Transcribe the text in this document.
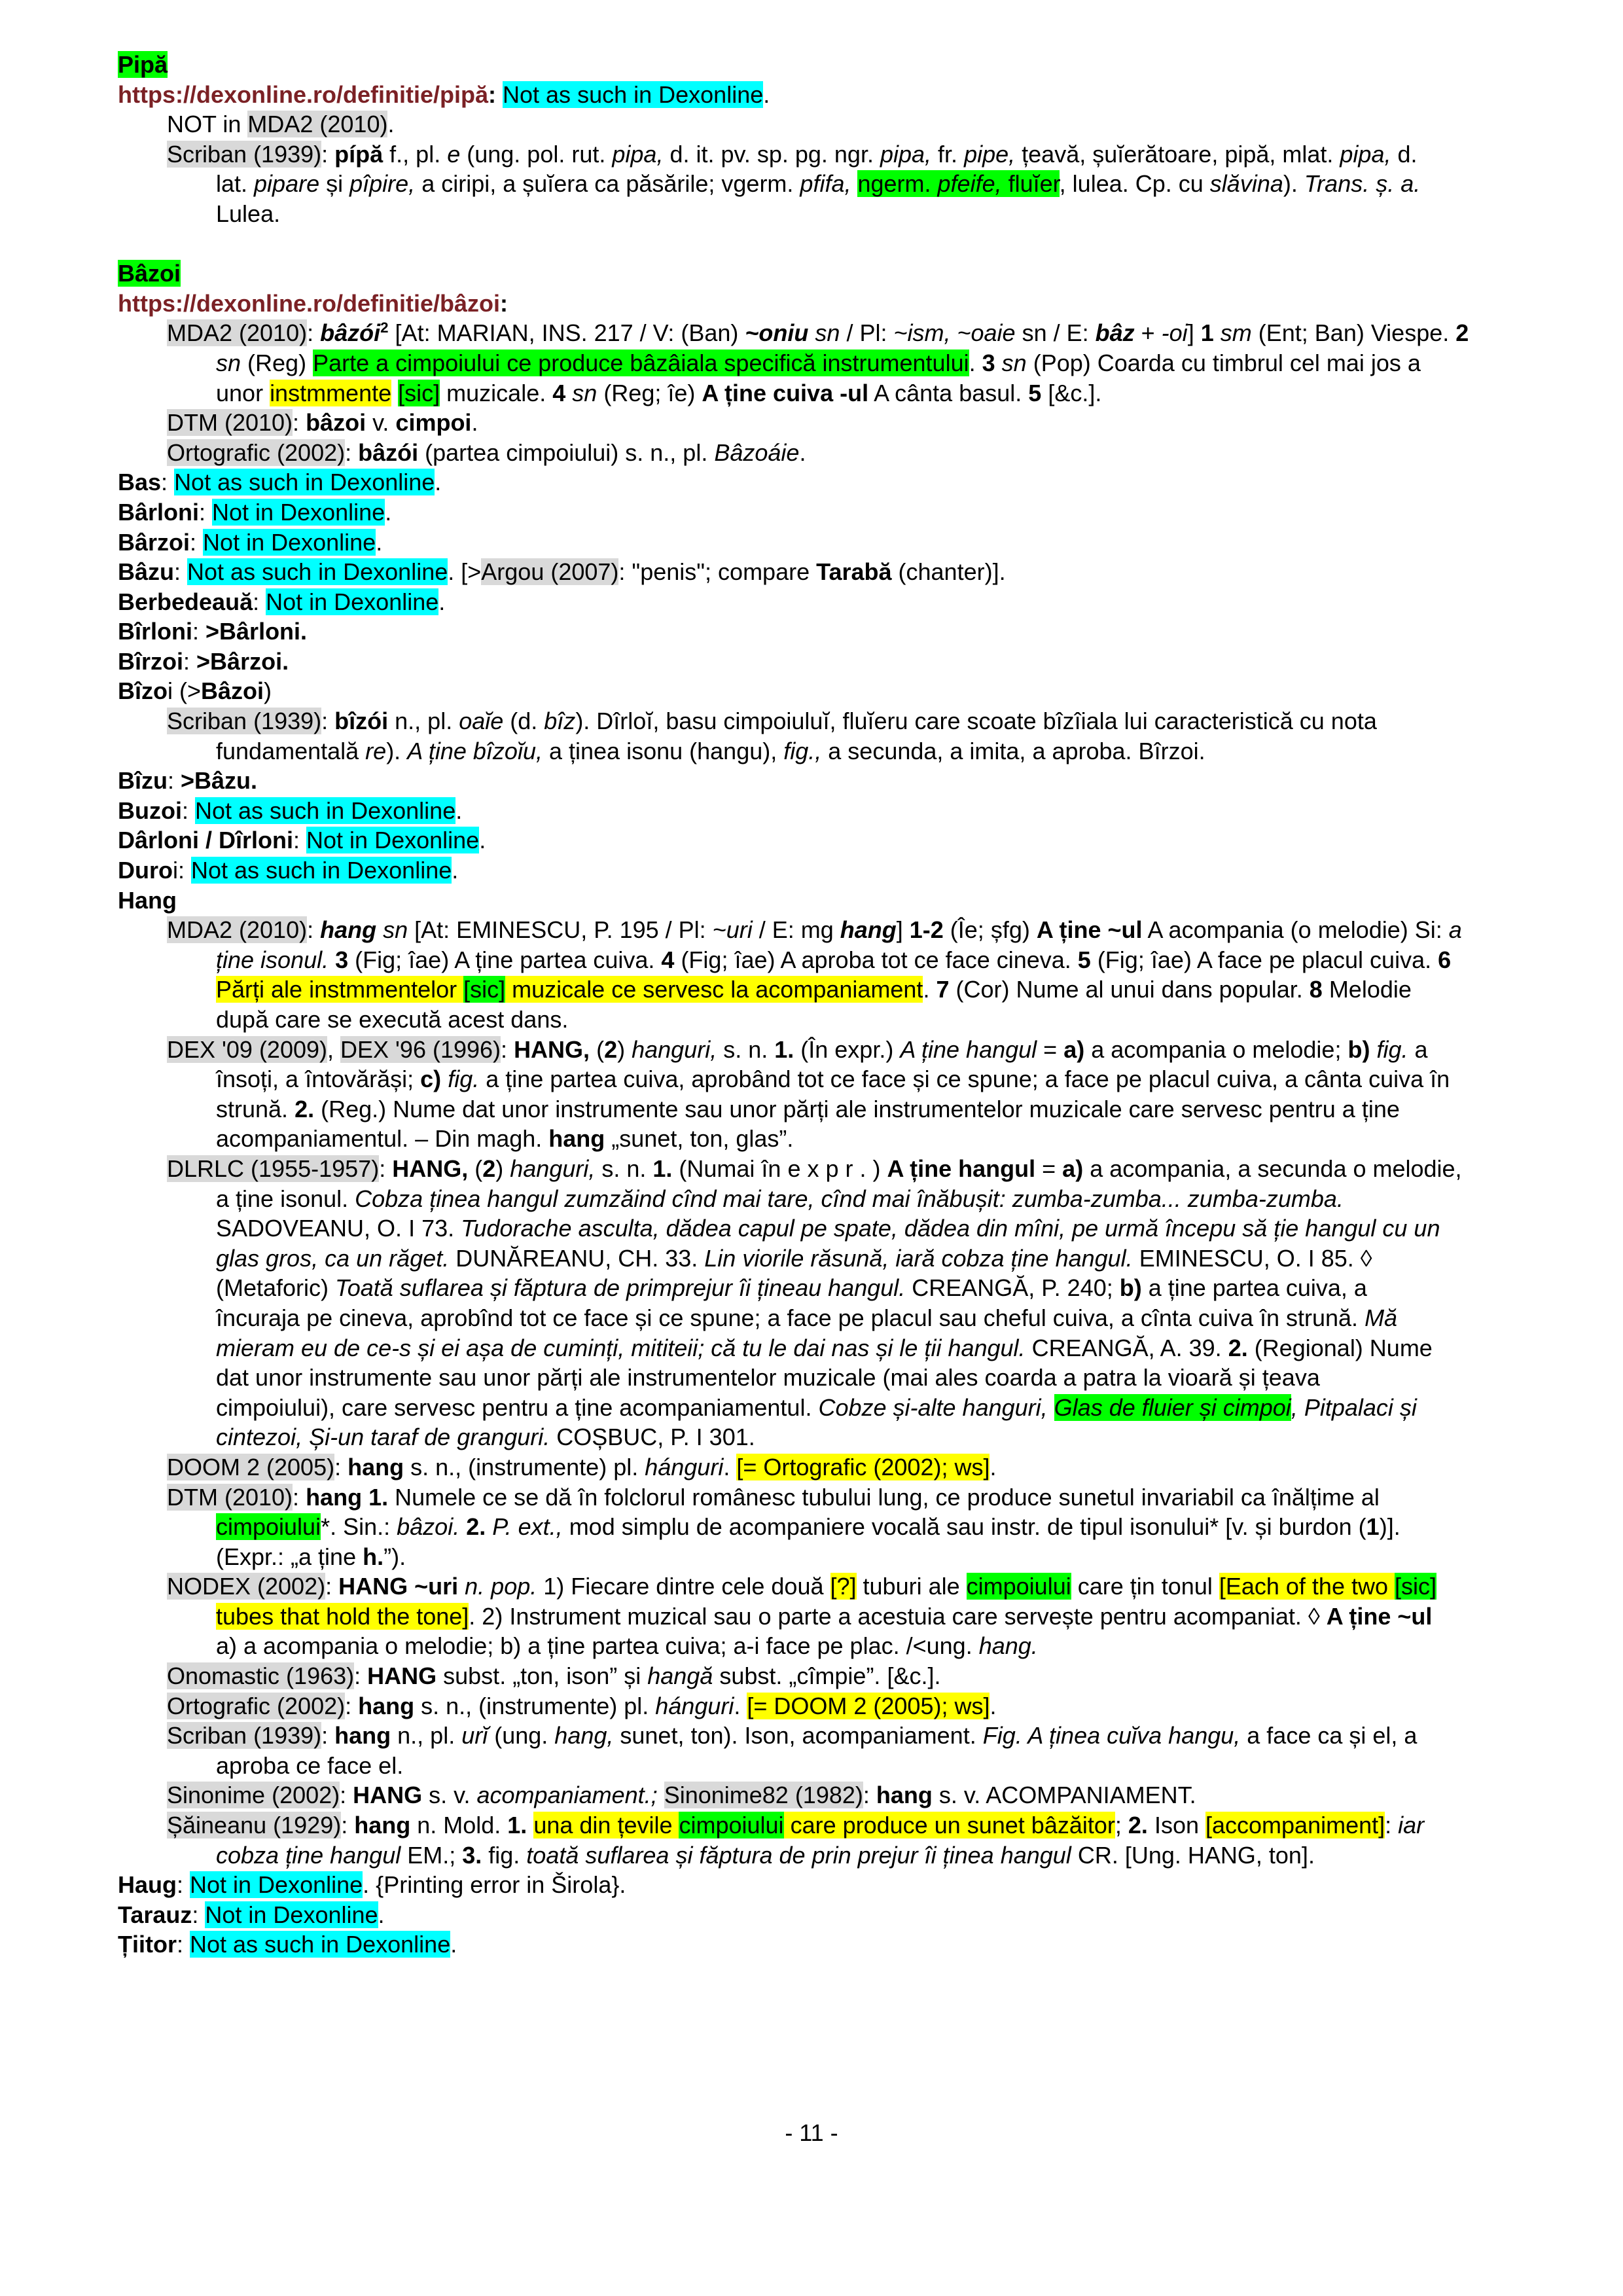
Pipă
https://dexonline.ro/definitie/pipă: Not as such in Dexonline.
NOT in MDA2 (2010).
Scriban (1939): pípă f., pl. e (ung. pol. rut. pipa, d. it. pv. sp. pg. ngr. pipa, fr. pipe, țeavă, șuĭerătoare, pipă, mlat. pipa, d.
lat. pipare și pîpire, a ciripi, a șuĭera ca păsările; vgerm. pfifa, ngerm. pfeife, fluĭer, lulea. Cp. cu slăvina). Trans. ș. a.
Lulea.
Bâzoi
https://dexonline.ro/definitie/bâzoi:
MDA2 (2010): bâzói$^2$ [At: MARIAN, INS. 217 / V: (Ban) ~oniu sn / Pl: ~ism, ~oaie sn / E: bâz + -oi] 1 sm (Ent; Ban) Viespe. 2
sn (Reg) Parte a cimpoiului ce produce bâzâiala specifică instrumentului. 3 sn (Pop) Coarda cu timbrul cel mai jos a
unor instmmente [sic] muzicale. 4 sn (Reg; îe) A ține cuiva -ul A cânta basul. 5 [&c.].
DTM (2010): bâzoi v. cimpoi.
Ortografic (2002): bâzói (partea cimpoiului) s. n., pl. Bâzoáie.
Bas: Not as such in Dexonline.
Bârloni: Not in Dexonline.
Bârzoi: Not in Dexonline.
Bâzu: Not as such in Dexonline. [>Argou (2007): "penis"; compare Tarabă (chanter)].
Berbedeauă: Not in Dexonline.
Bîrloni: >Bârloni.
Bîrzoi: >Bârzoi.
Bîzoi (>Bâzoi)
Scriban (1939): bîzói n., pl. oaĭe (d. bîz). Dîrloĭ, basu cimpoiuluĭ, fluĭeru care scoate bîzîiala lui caracteristică cu nota
fundamentală re). A ține bîzoĭu, a ținea isonu (hangu), fig., a secunda, a imita, a aproba. Bîrzoi.
Bîzu: >Bâzu.
Buzoi: Not as such in Dexonline.
Dârloni / Dîrloni: Not in Dexonline.
Duroi: Not as such in Dexonline.
Hang
MDA2 (2010): hang sn [At: EMINESCU, P. 195 / Pl: ~uri / E: mg hang] 1-2 (Îe; șfg) A ține ~ul A acompania (o melodie) Si: a
ține isonul. 3 (Fig; îae) A ține partea cuiva. 4 (Fig; îae) A aproba tot ce face cineva. 5 (Fig; îae) A face pe placul cuiva. 6
Părți ale instmmentelor [sic] muzicale ce servesc la acompaniament. 7 (Cor) Nume al unui dans popular. 8 Melodie
după care se execută acest dans.
DEX '09 (2009), DEX '96 (1996): HANG, (2) hanguri, s. n. 1. (În expr.) A ține hangul = a) a acompania o melodie; b) fig. a
însoți, a întovărăși; c) fig. a ține partea cuiva, aprobând tot ce face și ce spune; a face pe placul cuiva, a cânta cuiva în
strună. 2. (Reg.) Nume dat unor instrumente sau unor părți ale instrumentelor muzicale care servesc pentru a ține
acompaniamentul. – Din magh. hang „sunet, ton, glas”.
DLRLC (1955-1957): HANG, (2) hanguri, s. n. 1. (Numai în e x p r . ) A ține hangul = a) a acompania, a secunda o melodie,
a ține isonul. Cobza ținea hangul zumzăind cînd mai tare, cînd mai înăbușit: zumba-zumba... zumba-zumba.
SADOVEANU, O. I 73. Tudorache asculta, dădea capul pe spate, dădea din mîni, pe urmă începu să ție hangul cu un
glas gros, ca un răget. DUNĂREANU, CH. 33. Lin viorile răsună, iară cobza ține hangul. EMINESCU, O. I 85. ◊
(Metaforic) Toată suflarea și făptura de primprejur îi țineau hangul. CREANGĂ, P. 240; b) a ține partea cuiva, a
încuraja pe cineva, aprobînd tot ce face și ce spune; a face pe placul sau cheful cuiva, a cînta cuiva în strună. Mă
mieram eu de ce-s și ei așa de cuminți, mititeii; că tu le dai nas și le ții hangul. CREANGĂ, A. 39. 2. (Regional) Nume
dat unor instrumente sau unor părți ale instrumentelor muzicale (mai ales coarda a patra la vioară și țeava
cimpoiului), care servesc pentru a ține acompaniamentul. Cobze și-alte hanguri, Glas de fluier și cimpoi, Pitpalaci și
cintezoi, Și-un taraf de granguri. COȘBUC, P. I 301.
DOOM 2 (2005): hang s. n., (instrumente) pl. hánguri. [= Ortografic (2002); ws].
DTM (2010): hang 1. Numele ce se dă în folclorul românesc tubului lung, ce produce sunetul invariabil ca înălțime al
cimpoiului*. Sin.: bâzoi. 2. P. ext., mod simplu de acompaniere vocală sau instr. de tipul isonului* [v. și burdon (1)].
(Expr.: „a ține h.”).
NODEX (2002): HANG ~uri n. pop. 1) Fiecare dintre cele două [?] tuburi ale cimpoiului care țin tonul [Each of the two [sic]
tubes that hold the tone]. 2) Instrument muzical sau o parte a acestuia care servește pentru acompaniat. ◊ A ține ~ul
a) a acompania o melodie; b) a ține partea cuiva; a-i face pe plac. /<ung. hang.
Onomastic (1963): HANG subst. „ton, ison” și hangă subst. „cîmpie”. [&c.].
Ortografic (2002): hang s. n., (instrumente) pl. hánguri. [= DOOM 2 (2005); ws].
Scriban (1939): hang n., pl. urĭ (ung. hang, sunet, ton). Ison, acompaniament. Fig. A ținea cuĭva hangu, a face ca și el, a
aproba ce face el.
Sinonime (2002): HANG s. v. acompaniament.; Sinonime82 (1982): hang s. v. ACOMPANIAMENT.
Șăineanu (1929): hang n. Mold. 1. una din țevile cimpoiului care produce un sunet bâzăitor; 2. Ison [accompaniment]: iar
cobza ține hangul EM.; 3. fig. toată suflarea și făptura de prin prejur îi ținea hangul CR. [Ung. HANG, ton].
Haug: Not in Dexonline. {Printing error in Širola}.
Tarauz: Not in Dexonline.
Țiitor: Not as such in Dexonline.
- 11 -
